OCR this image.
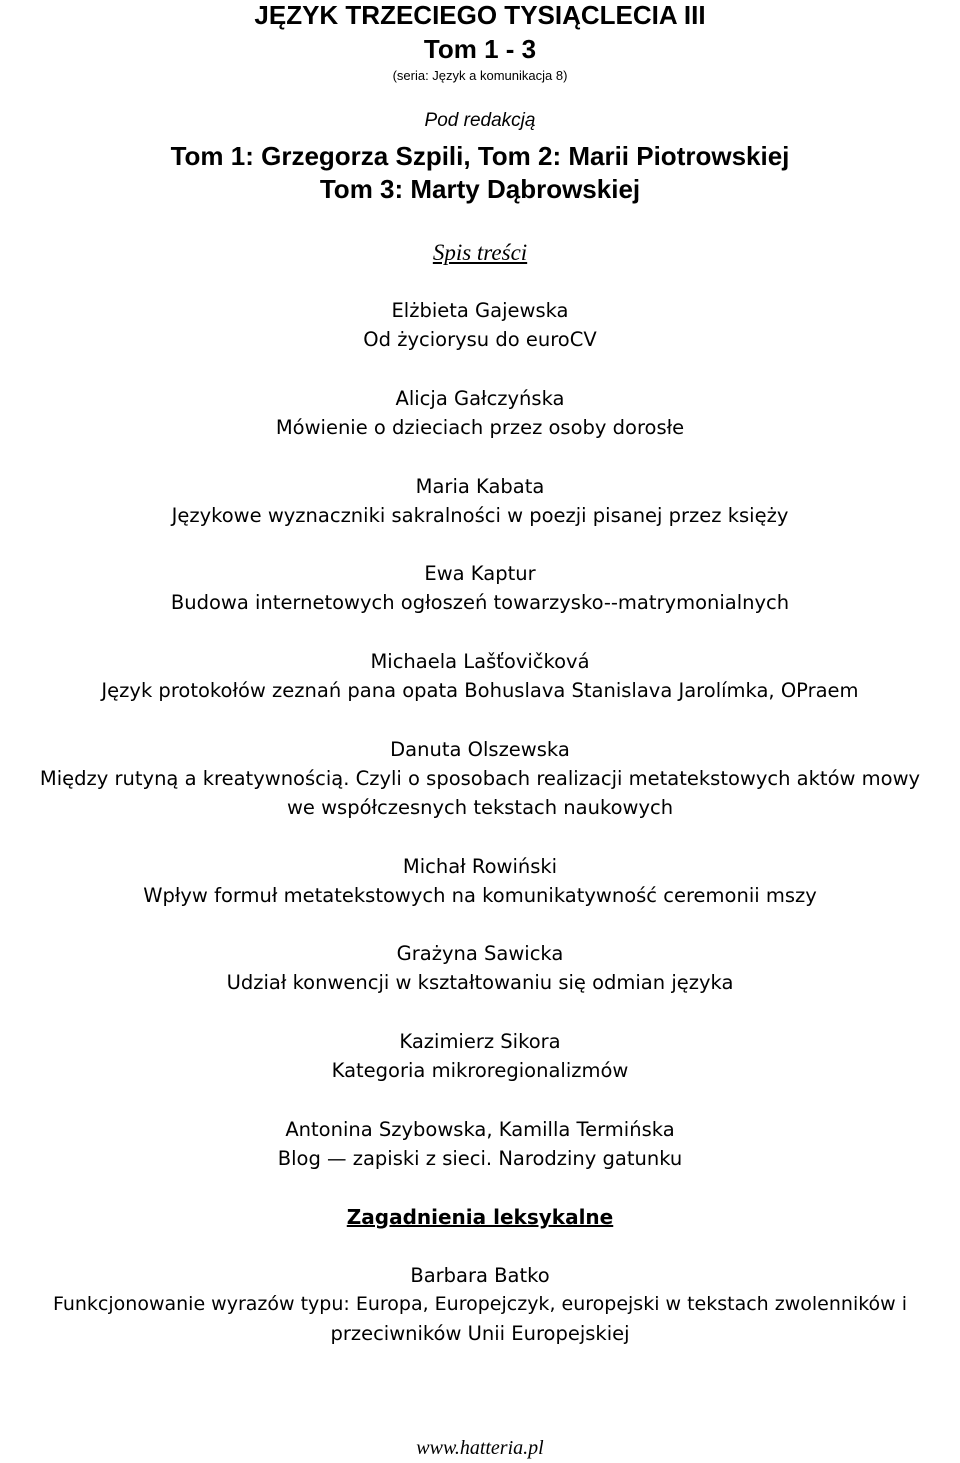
JĘZYK TRZECIEGO TYSIĄCLECIA III
Tom 1 - 3
(seria: Język a komunikacja 8)
Pod redakcją
Tom 1: Grzegorza Szpili, Tom 2: Marii Piotrowskiej
Tom 3: Marty Dąbrowskiej
Spis treści
Elżbieta Gajewska
Od życiorysu do euroCV
Alicja Gałczyńska
Mówienie o dzieciach przez osoby dorosłe
Maria Kabata
Językowe wyznaczniki sakralności w poezji pisanej przez księży
Ewa Kaptur
Budowa internetowych ogłoszeń towarzysko--matrymonialnych
Michaela Lašťovičková
Język protokołów zeznań pana opata Bohuslava Stanislava Jarolímka, OPraem
Danuta Olszewska
Między rutyną a kreatywnością. Czyli o sposobach realizacji metatekstowych aktów mowy
we współczesnych tekstach naukowych
Michał Rowiński
Wpływ formuł metatekstowych na komunikatywność ceremonii mszy
Grażyna Sawicka
Udział konwencji w kształtowaniu się odmian języka
Kazimierz Sikora
Kategoria mikroregionalizmów
Antonina Szybowska, Kamilla Termińska
Blog — zapiski z sieci. Narodziny gatunku
Zagadnienia leksykalne
Barbara Batko
Funkcjonowanie wyrazów typu: Europa, Europejczyk, europejski w tekstach zwolenników i
przeciwników Unii Europejskiej
www.hatteria.pl
